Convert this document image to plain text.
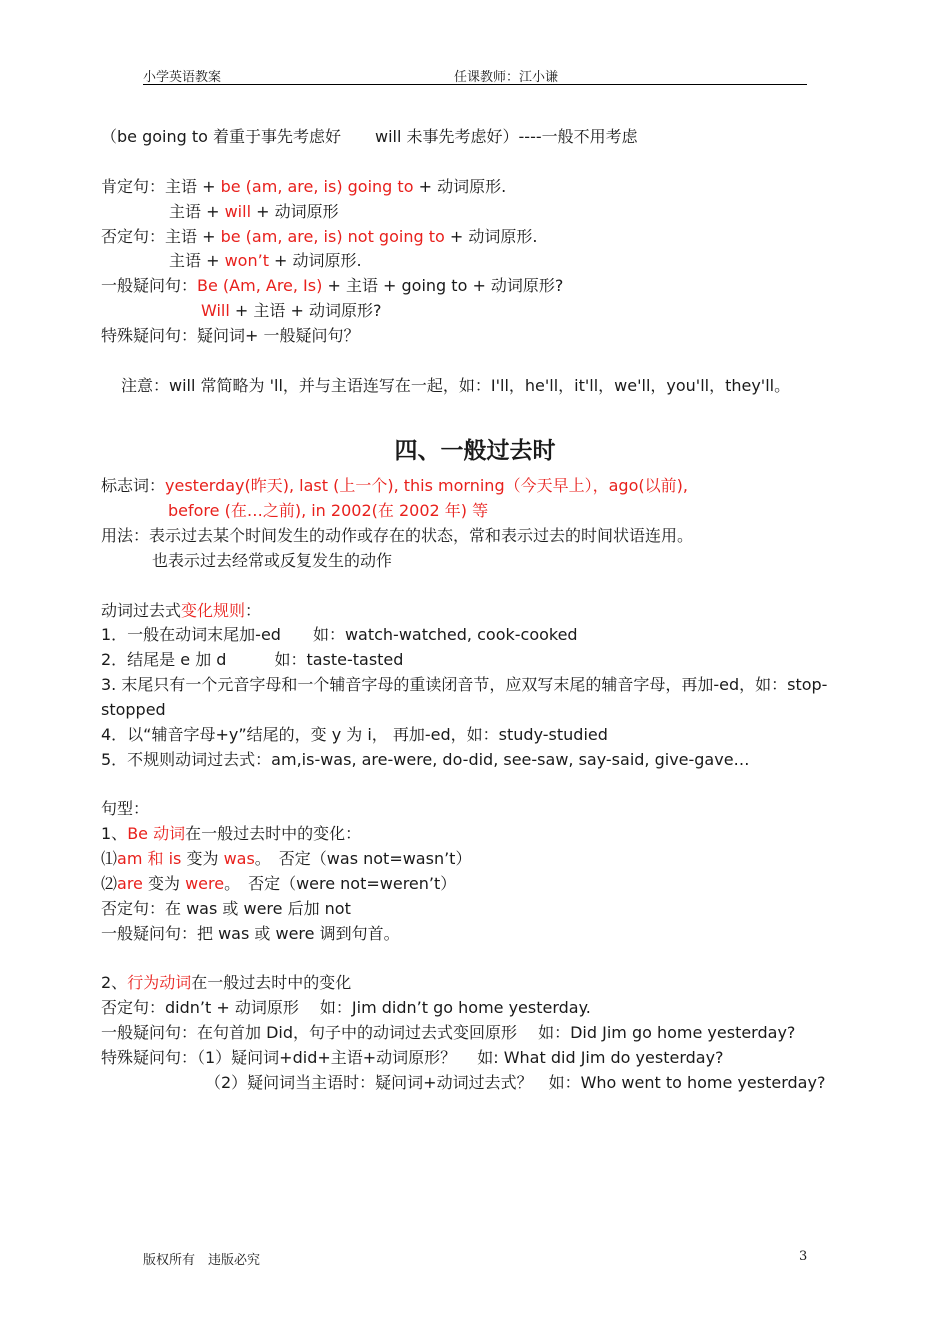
小学英语教案	任课教师：江小谦
（be going to 着重于事先考虑好 will 未事先考虑好）----一般不用考虑
肯定句：主语 + be (am, are, is) going to + 动词原形.
主语 + will + 动词原形
否定句：主语 + be (am, are, is) not going to + 动词原形.
主语 + won’t + 动词原形.
一般疑问句：Be (Am, Are, Is) + 主语 + going to + 动词原形?
Will + 主语 + 动词原形?
特殊疑问句：疑问词+ 一般疑问句？
注意：will 常简略为 'll，并与主语连写在一起，如：I'll，he'll，it'll，we'll，you'll，they'll。
四、一般过去时
标志词：yesterday(昨天), last (上一个), this morning（今天早上），ago(以前),
before (在…之前), in 2002(在 2002 年) 等
用法：表示过去某个时间发生的动作或存在的状态，常和表示过去的时间状语连用。
也表示过去经常或反复发生的动作
动词过去式变化规则：
1．一般在动词末尾加-ed　　如：watch-watched, cook-cooked
2．结尾是 e 加 d　　　如：taste-tasted
3. 末尾只有一个元音字母和一个辅音字母的重读闭音节，应双写末尾的辅音字母，再加-ed，如：stop-
stopped
4．以“辅音字母+y”结尾的，变 y 为 i， 再加-ed，如：study-studied
5．不规则动词过去式：am,is-was, are-were, do-did, see-saw, say-said, give-gave…
句型：
1、Be 动词在一般过去时中的变化：
⑴am 和 is 变为 was。　否定（was not=wasn’t）
⑵are 变为 were。　否定（were not=weren’t）
否定句：在 was 或 were 后加 not
一般疑问句：把 was 或 were 调到句首。
2、行为动词在一般过去时中的变化
否定句：didn’t + 动词原形　 如：Jim didn’t go home yesterday.
一般疑问句：在句首加 Did，句子中的动词过去式变回原形　 如：Did Jim go home yesterday?
特殊疑问句：（1）疑问词+did+主语+动词原形？　 如: What did Jim do yesterday?
（2）疑问词当主语时：疑问词+动词过去式？　如：Who went to home yesterday?
版权所有　违版必究	3
